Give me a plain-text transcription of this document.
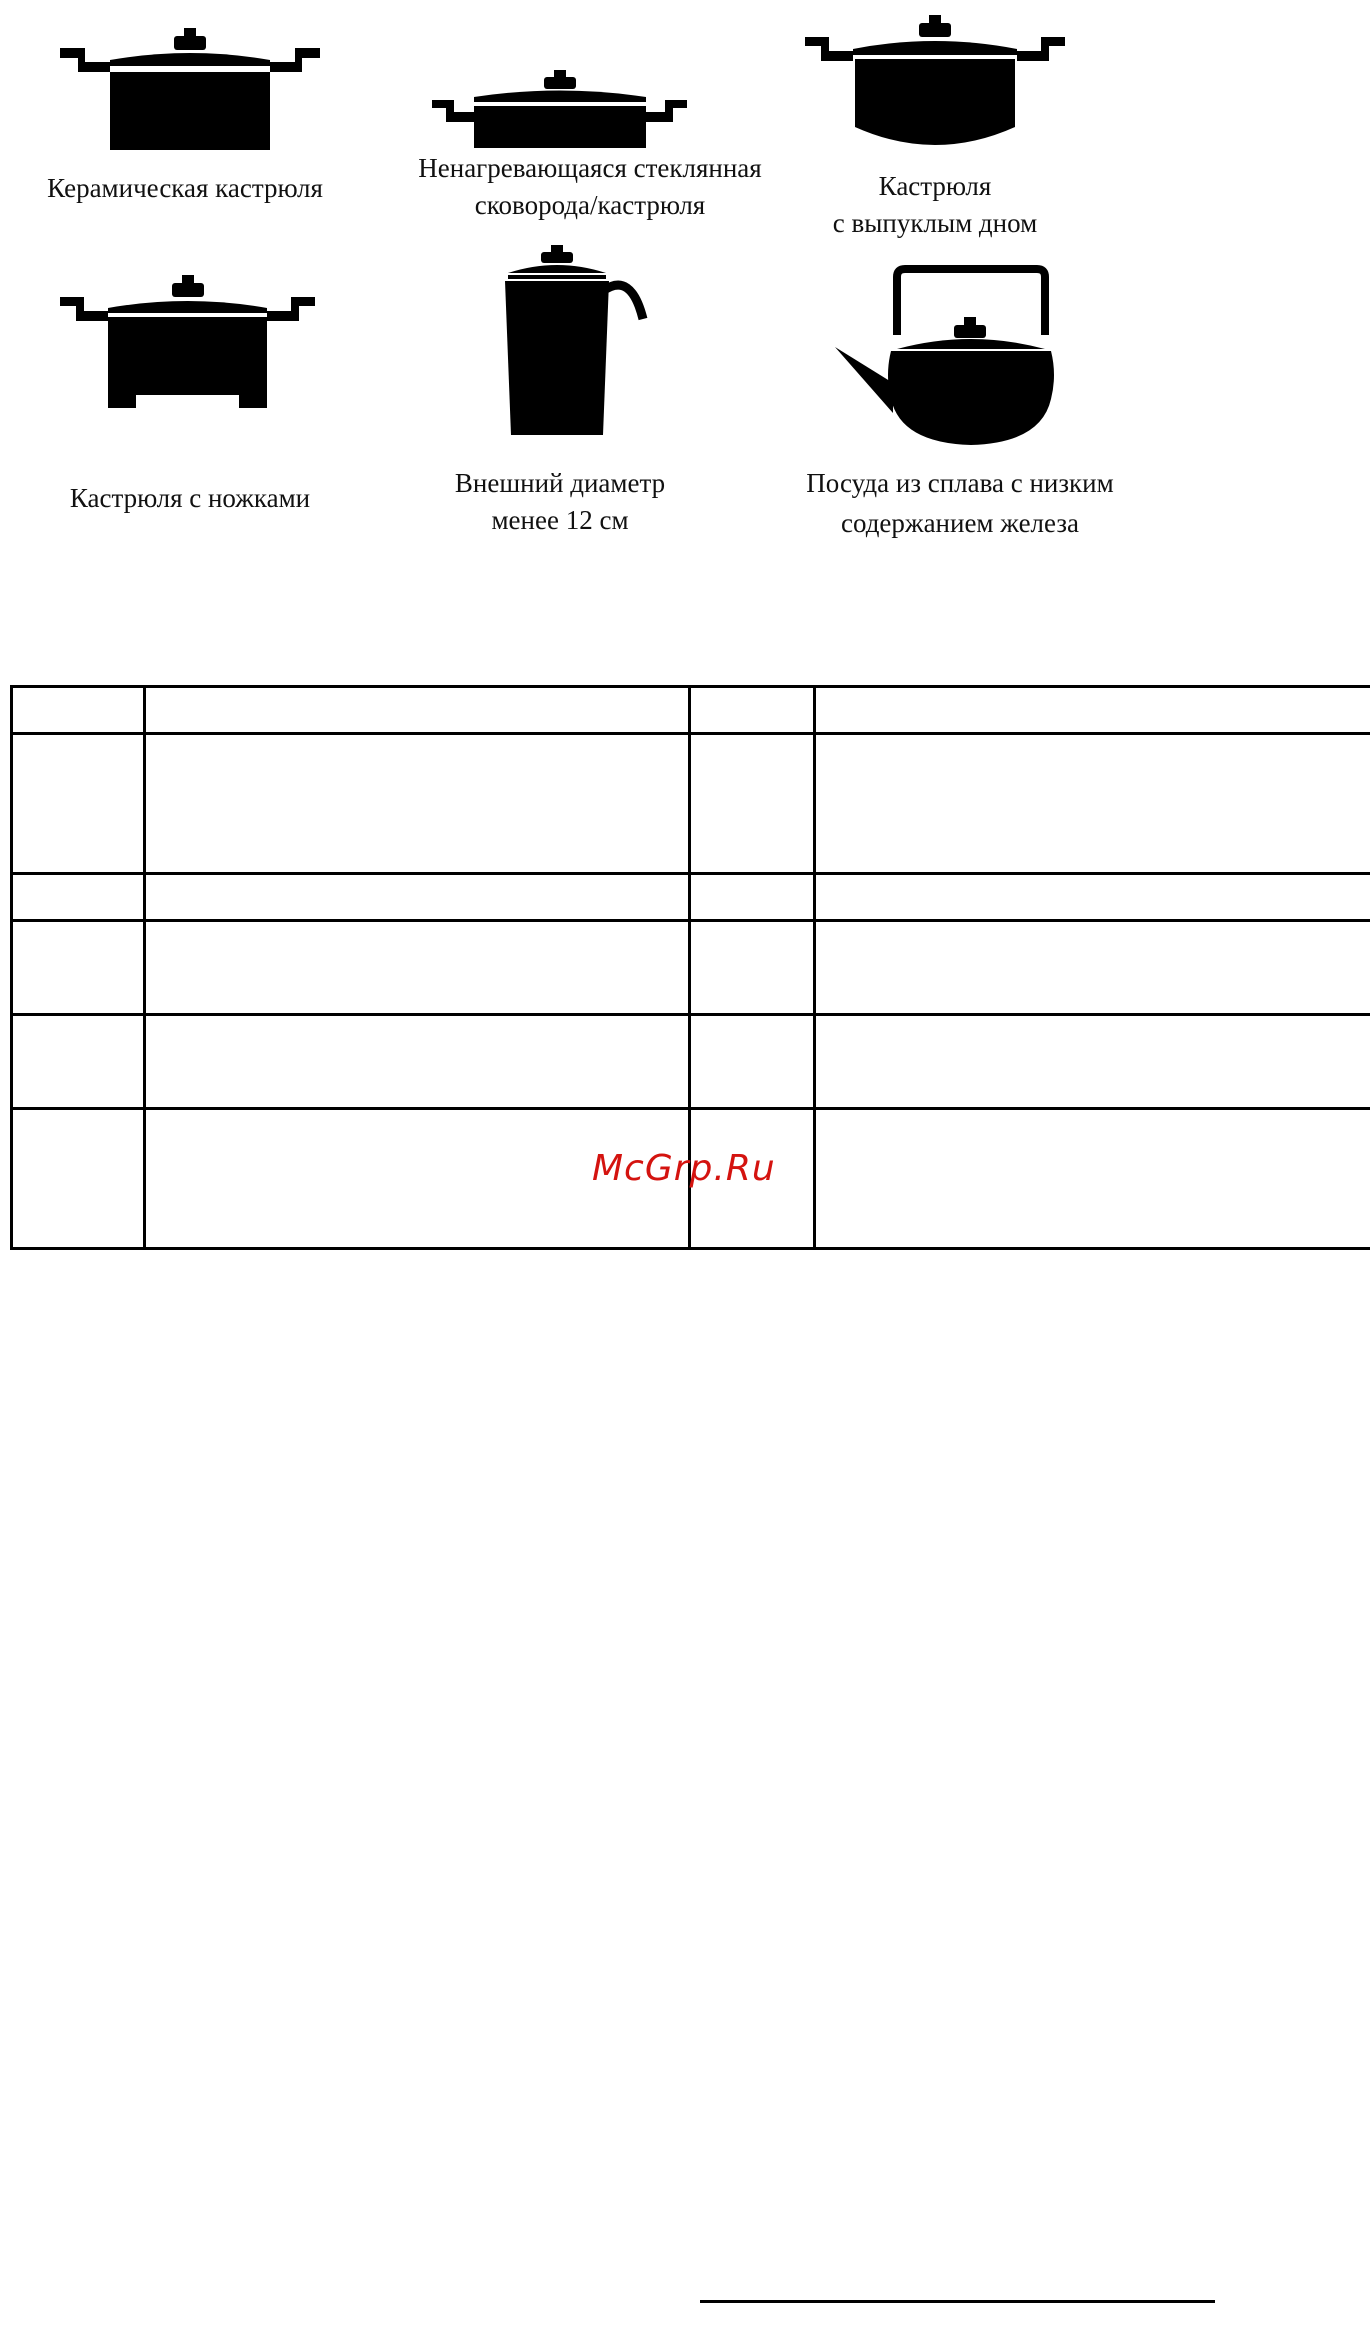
Керамическая кастрюля
Ненагревающаяся стеклянная
сковорода/кастрюля
Кастрюля
с выпуклым дном
Кастрюля с ножками	Внешний диаметр
менее 12 см
Посуда из сплава с низким
содержанием железа

McGrp.Ru
